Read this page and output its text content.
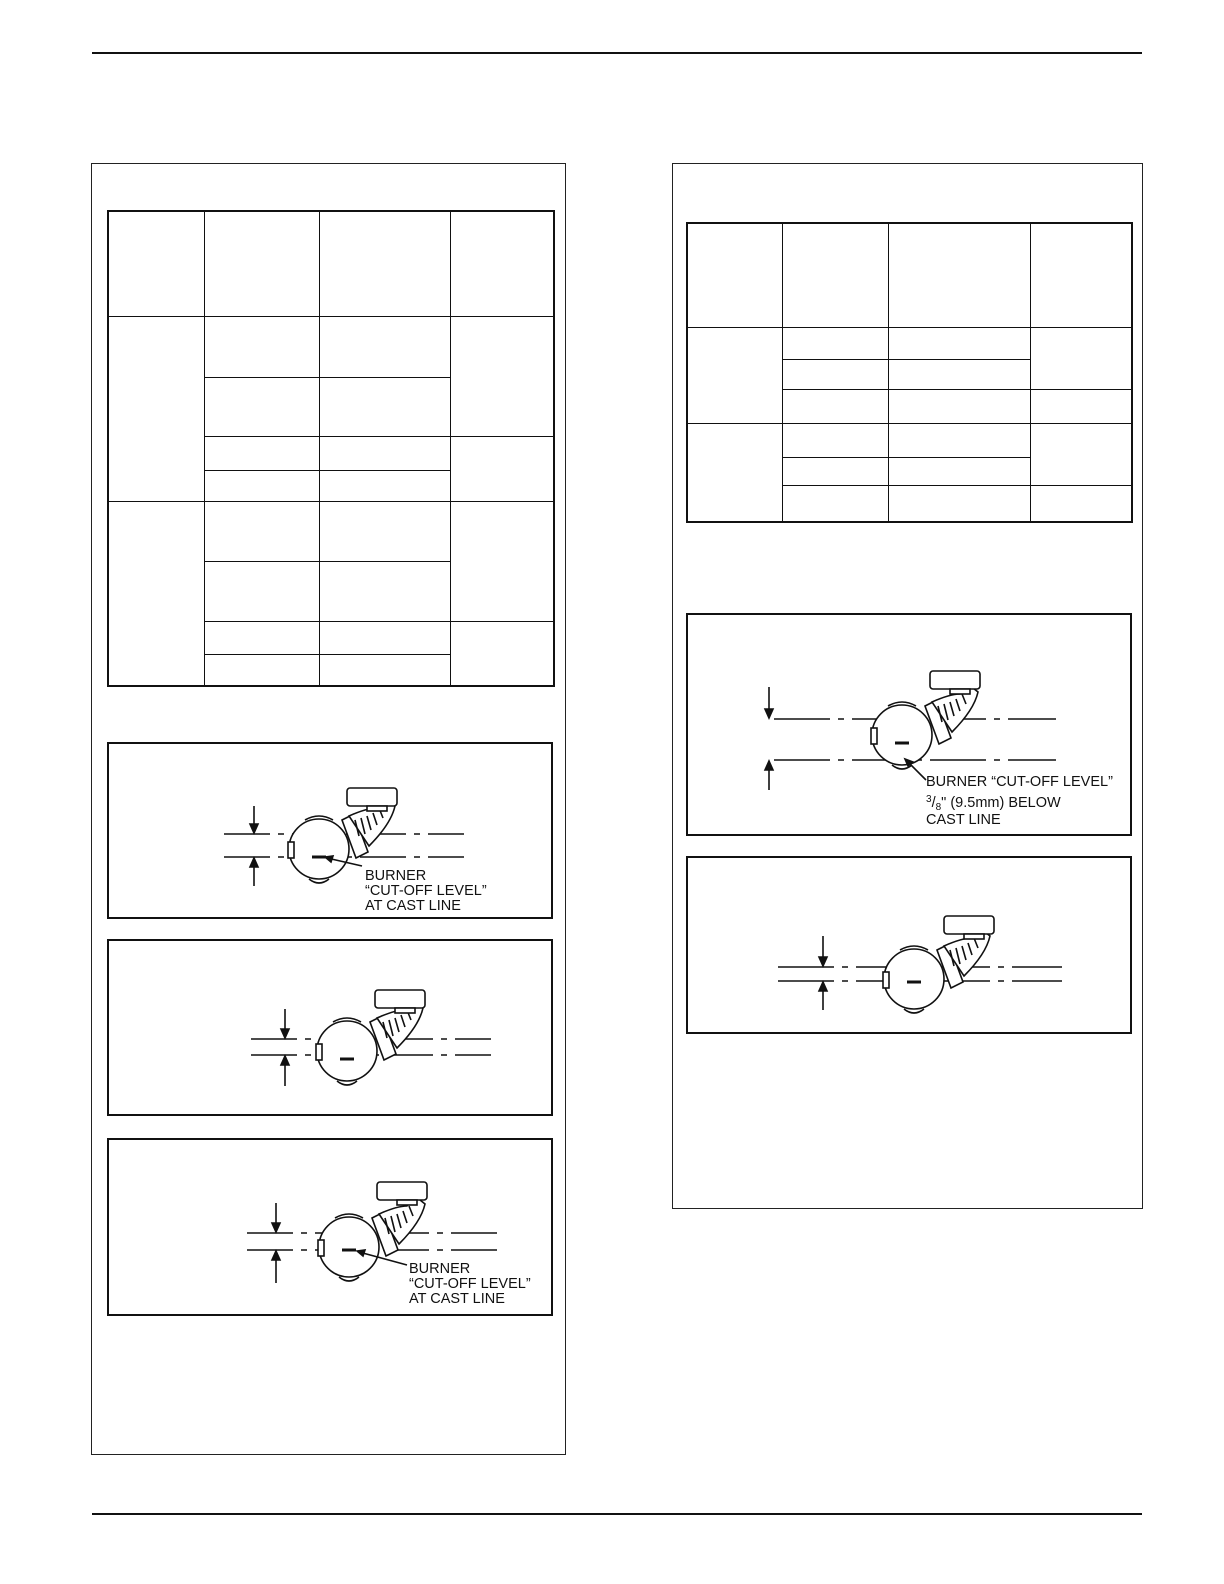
BURNER
“CUT-OFF LEVEL”
AT CAST LINE
BURNER
“CUT-OFF LEVEL”
AT CAST LINE

BURNER “CUT-OFF LEVEL”
$^3/_8$" (9.5mm) BELOW
CAST LINE
